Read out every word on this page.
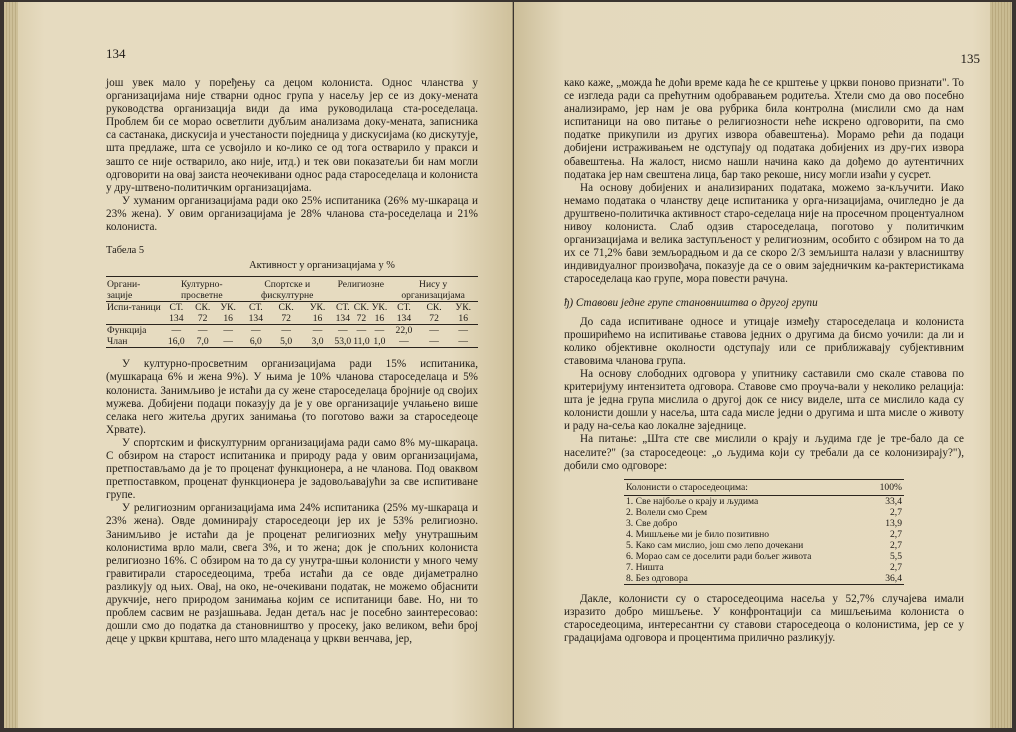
134

још увек мало у поређењу са децом колониста. Однос чланства у организацијама није стварни однос група у насељу јер се из доку-мената руководства организација види да има руководилаца ста-роседелаца. Проблем би се морао осветлити дубљим анализама доку-мената, записника са састанака, дискусија и учестаности поједница у дискусијама (ко дискутује, шта предлаже, шта се усвојило и ко-лико се од тога остварило у пракси и зашто се није остварило, ако није, итд.) и тек ови показатељи би нам могли одговорити на овај заиста неочекивани однос рада староседелаца и колониста у дру-штвено-политичким организацијама.

У хуманим организацијама ради око 25% испитаника (26% му-шкараца и 23% жена). У овим организацијама је 28% чланова ста-роседелаца и 21% колониста.

Табела 5
Активност у организацијама у %
Органи-зације	Културно-просветне			Спортске и фискултурне			Религиозне			Нису у организацијама		
Испи-таници	СТ.	СК.	УК.	СТ.	СК.	УК.	СТ.	СК.	УК.	СТ.	СК.	УК.
	134	72	16	134	72	16	134	72	16	134	72	16
Функција	—	—	—	—	—	—	—	—	—	22,0	—	—
Члан	16,0	7,0	—	6,0	5,0	3,0	53,0	11,0	1,0	—	—	—

У културно-просветним организацијама ради 15% испитаника, (мушкараца 6% и жена 9%). У њима је 10% чланова староседелаца и 5% колониста. Занимљиво је истаћи да су жене староседелаца бројније од својих мужева. Добијени подаци показују да је у ове организације учлањено више селака него житеља других занимања (то поготово важи за староседеоце Хрвате).

У спортским и фискултурним организацијама ради само 8% му-шкараца. С обзиром на старост испитаника и природу рада у овим организацијама, претпостављамо да је то проценат функционера, а не чланова. Под оваквом претпоставком, проценат функционера је задовољавајући за све испитиване групе.

У религиозним организацијама има 24% испитаника (25% му-шкараца и 23% жена). Овде доминирају староседеоци јер их је 53% религиозно. Занимљиво је истаћи да је проценат религиозних међу унутрашњим колонистима врло мали, свега 3%, и то жена; док је спољних колониста религиозно 16%. С обзиром на то да су унутра-шњи колонисти у много чему гравитирали староседеоцима, треба истаћи да се овде дијаметрално разликују од њих. Овај, на око, не-очекивани податак, не можемо објаснити друкчије, него природом занимања којим се испитаници баве. Но, ни то проблем сасвим не разјашњава. Један детаљ нас је посебно заинтересовао: дошли смо до податка да становништво у просеку, јако великом, већи број деце у цркви крштава, него што младенаца у цркви венчава, јер,

135

како каже, „можда ће доћи време када ће се крштење у цркви поново признати". То се изгледа ради са прећутним одобравањем родитеља. Хтели смо да ово посебно анализирамо, јер нам је ова рубрика била контролна (мислили смо да нам испитаници на ово питање о религиозности неће искрено одговорити, па смо податке прикупили из других извора обавештења). Морамо рећи да подаци добијени истраживањем не одступају од података добијених из дру-гих извора обавештења. На жалост, нисмо нашли начина како да дођемо до аутентичних података јер нам свештена лица, бар тако рекоше, нису могли изаћи у сусрет.

На основу добијених и анализираних података, можемо за-кључити. Иако немамо података о чланству деце испитаника у орга-низацијама, очигледно је да друштвено-политичка активност старо-седелаца није на просечном процентуалном нивоу колониста. Слаб одзив староседелаца, поготово у политичким организацијама и велика заступљеност у религиозним, особито с обзиром на то да их се 71,2% бави земљорадњом и да се скоро 2/3 земљишта налази у власништву индивидуалног произвођача, показује да се о овим заједничким ка-рактеристикама староседелаца као групе, мора повести рачуна.

ђ) Ставови једне групе становништва о другој групи

До сада испитиване односе и утицаје између староседелаца и колониста проширићемо на испитивање ставова једних о другима да бисмо уочили: да ли и колико објективне околности одступају или се приближавају субјективним ставовима чланова група.

На основу слободних одговора у упитнику саставили смо скале ставова по критеријуму интензитета одговора. Ставове смо проуча-вали у неколико релација: шта је једна група мислила о другој док се нису виделе, шта се мислило када су колонисти дошли у насеља, шта сада мисле једни о другима и шта мисле о животу и раду на-сеља као локалне заједнице.

На питање: „Шта сте све мислили о крају и људима где је тре-бало да се населите?" (за староседеоце: „о људима који су требали да се колонизирају?"), добили смо одговоре:

Колонисти о староседеоцима:	100%
1. Све најбоље о крају и људима	33,4
2. Волели смо Срем	2,7
3. Све добро	13,9
4. Мишљење ми је било позитивно	2,7
5. Како сам мислио, још смо лепо дочекани	2,7
6. Морао сам се доселити ради бољег живота	5,5
7. Ништа	2,7
8. Без одговора	36,4

Дакле, колонисти су о староседеоцима насеља у 52,7% случајева имали изразито добро мишљење. У конфронтацији са мишљењима колониста о староседеоцима, интересантни су ставови староседеоца о колонистима, јер се у градацијама одговора и процентима прилично разликују.
